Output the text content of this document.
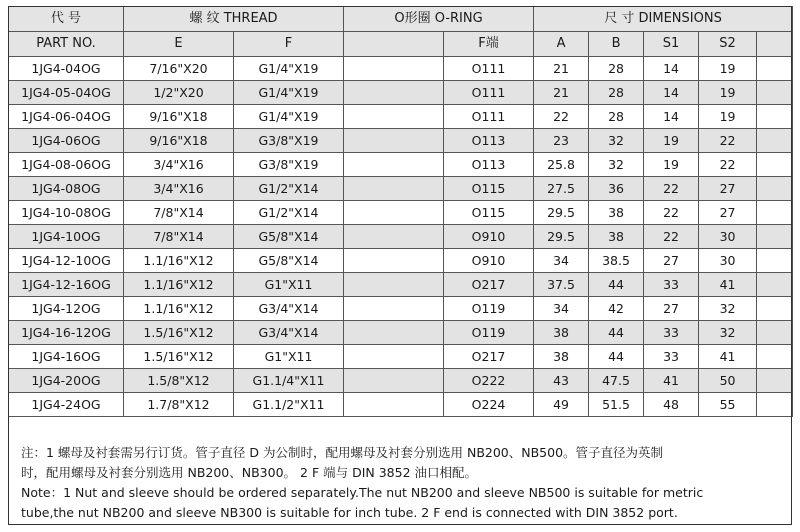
代 号	螺 纹 THREAD		O形圈 O-RING		尺 寸 DIMENSIONS				
PART NO.	E	F		F端	A	B	S1	S2	
1JG4-04OG	7/16"X20	G1/4"X19		O111	21	28	14	19	
1JG4-05-04OG	1/2"X20	G1/4"X19		O111	21	28	14	19	
1JG4-06-04OG	9/16"X18	G1/4"X19		O111	22	28	14	19	
1JG4-06OG	9/16"X18	G3/8"X19		O113	23	32	19	22	
1JG4-08-06OG	3/4"X16	G3/8"X19		O113	25.8	32	19	22	
1JG4-08OG	3/4"X16	G1/2"X14		O115	27.5	36	22	27	
1JG4-10-08OG	7/8"X14	G1/2"X14		O115	29.5	38	22	27	
1JG4-10OG	7/8"X14	G5/8"X14		O910	29.5	38	22	30	
1JG4-12-10OG	1.1/16"X12	G5/8"X14		O910	34	38.5	27	30	
1JG4-12-16OG	1.1/16"X12	G1"X11		O217	37.5	44	33	41	
1JG4-12OG	1.1/16"X12	G3/4"X14		O119	34	42	27	32	
1JG4-16-12OG	1.5/16"X12	G3/4"X14		O119	38	44	33	32	
1JG4-16OG	1.5/16"X12	G1"X11		O217	38	44	33	41	
1JG4-20OG	1.5/8"X12	G1.1/4"X11		O222	43	47.5	41	50	
1JG4-24OG	1.7/8"X12	G1.1/2"X11		O224	49	51.5	48	55	

注：1 螺母及衬套需另行订货。管子直径 D 为公制时，配用螺母及衬套分别选用 NB200、NB500。管子直径为英制

时，配用螺母及衬套分别选用 NB200、NB300。 2 F 端与 DIN 3852 油口相配。

Note：1 Nut and sleeve should be ordered separately.The nut NB200 and sleeve NB500 is suitable for metric

tube,the nut NB200 and sleeve NB300 is suitable for inch tube. 2 F end is connected with DIN 3852 port.
